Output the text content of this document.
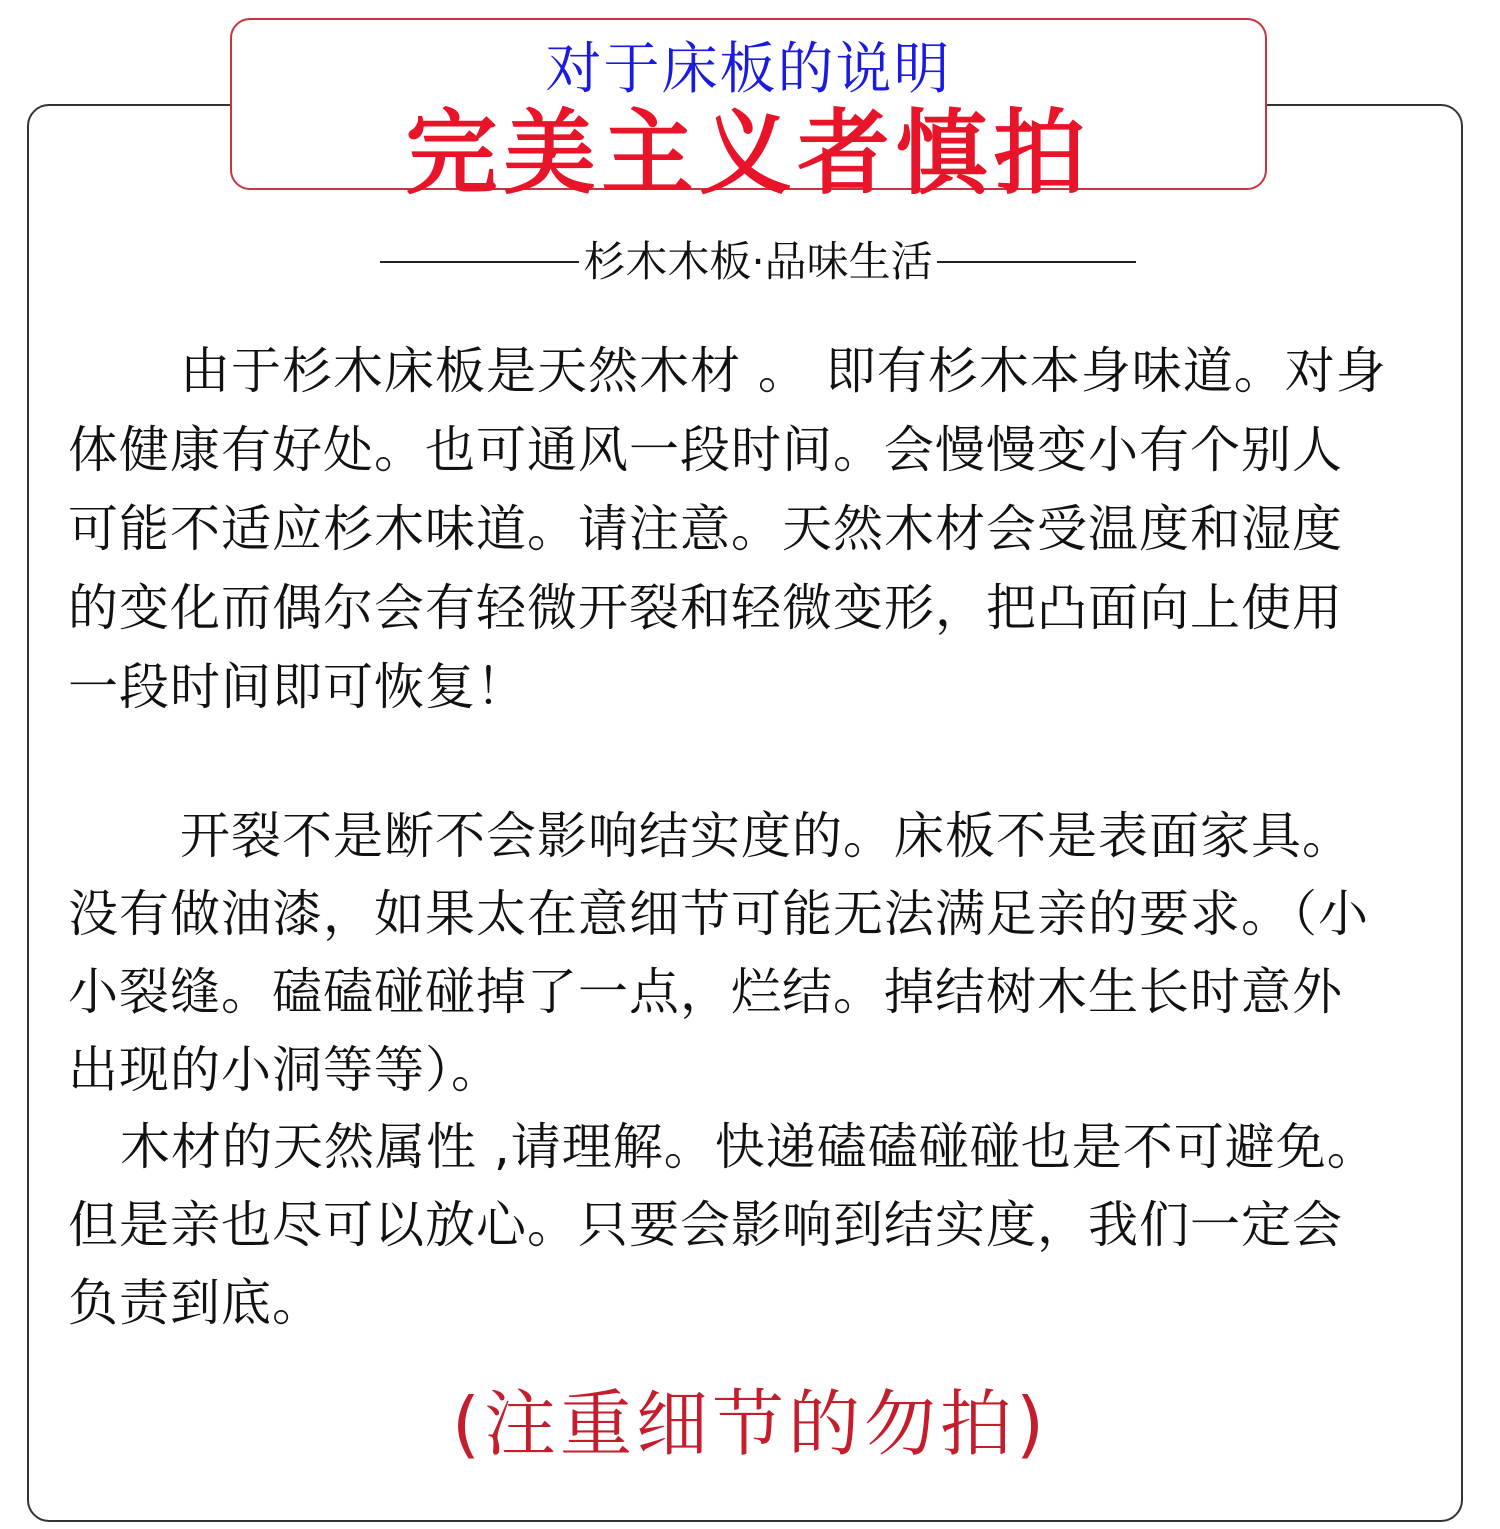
对于床板的说明
完美主义者慎拍
杉木木板·品味生活

由于杉木床板是天然木材 。 即有杉木本身味道。对身体健康有好处。也可通风一段时间。会慢慢变小有个别人可能不适应杉木味道。请注意。天然木材会受温度和湿度的变化而偶尔会有轻微开裂和轻微变形，把凸面向上使用一段时间即可恢复！

开裂不是断不会影响结实度的。床板不是表面家具。没有做油漆，如果太在意细节可能无法满足亲的要求。（小小裂缝。磕磕碰碰掉了一点，烂结。掉结树木生长时意外出现的小洞等等）。

木材的天然属性 ,请理解。快递磕磕碰碰也是不可避免。但是亲也尽可以放心。只要会影响到结实度，我们一定会负责到底。

(注重细节的勿拍)
